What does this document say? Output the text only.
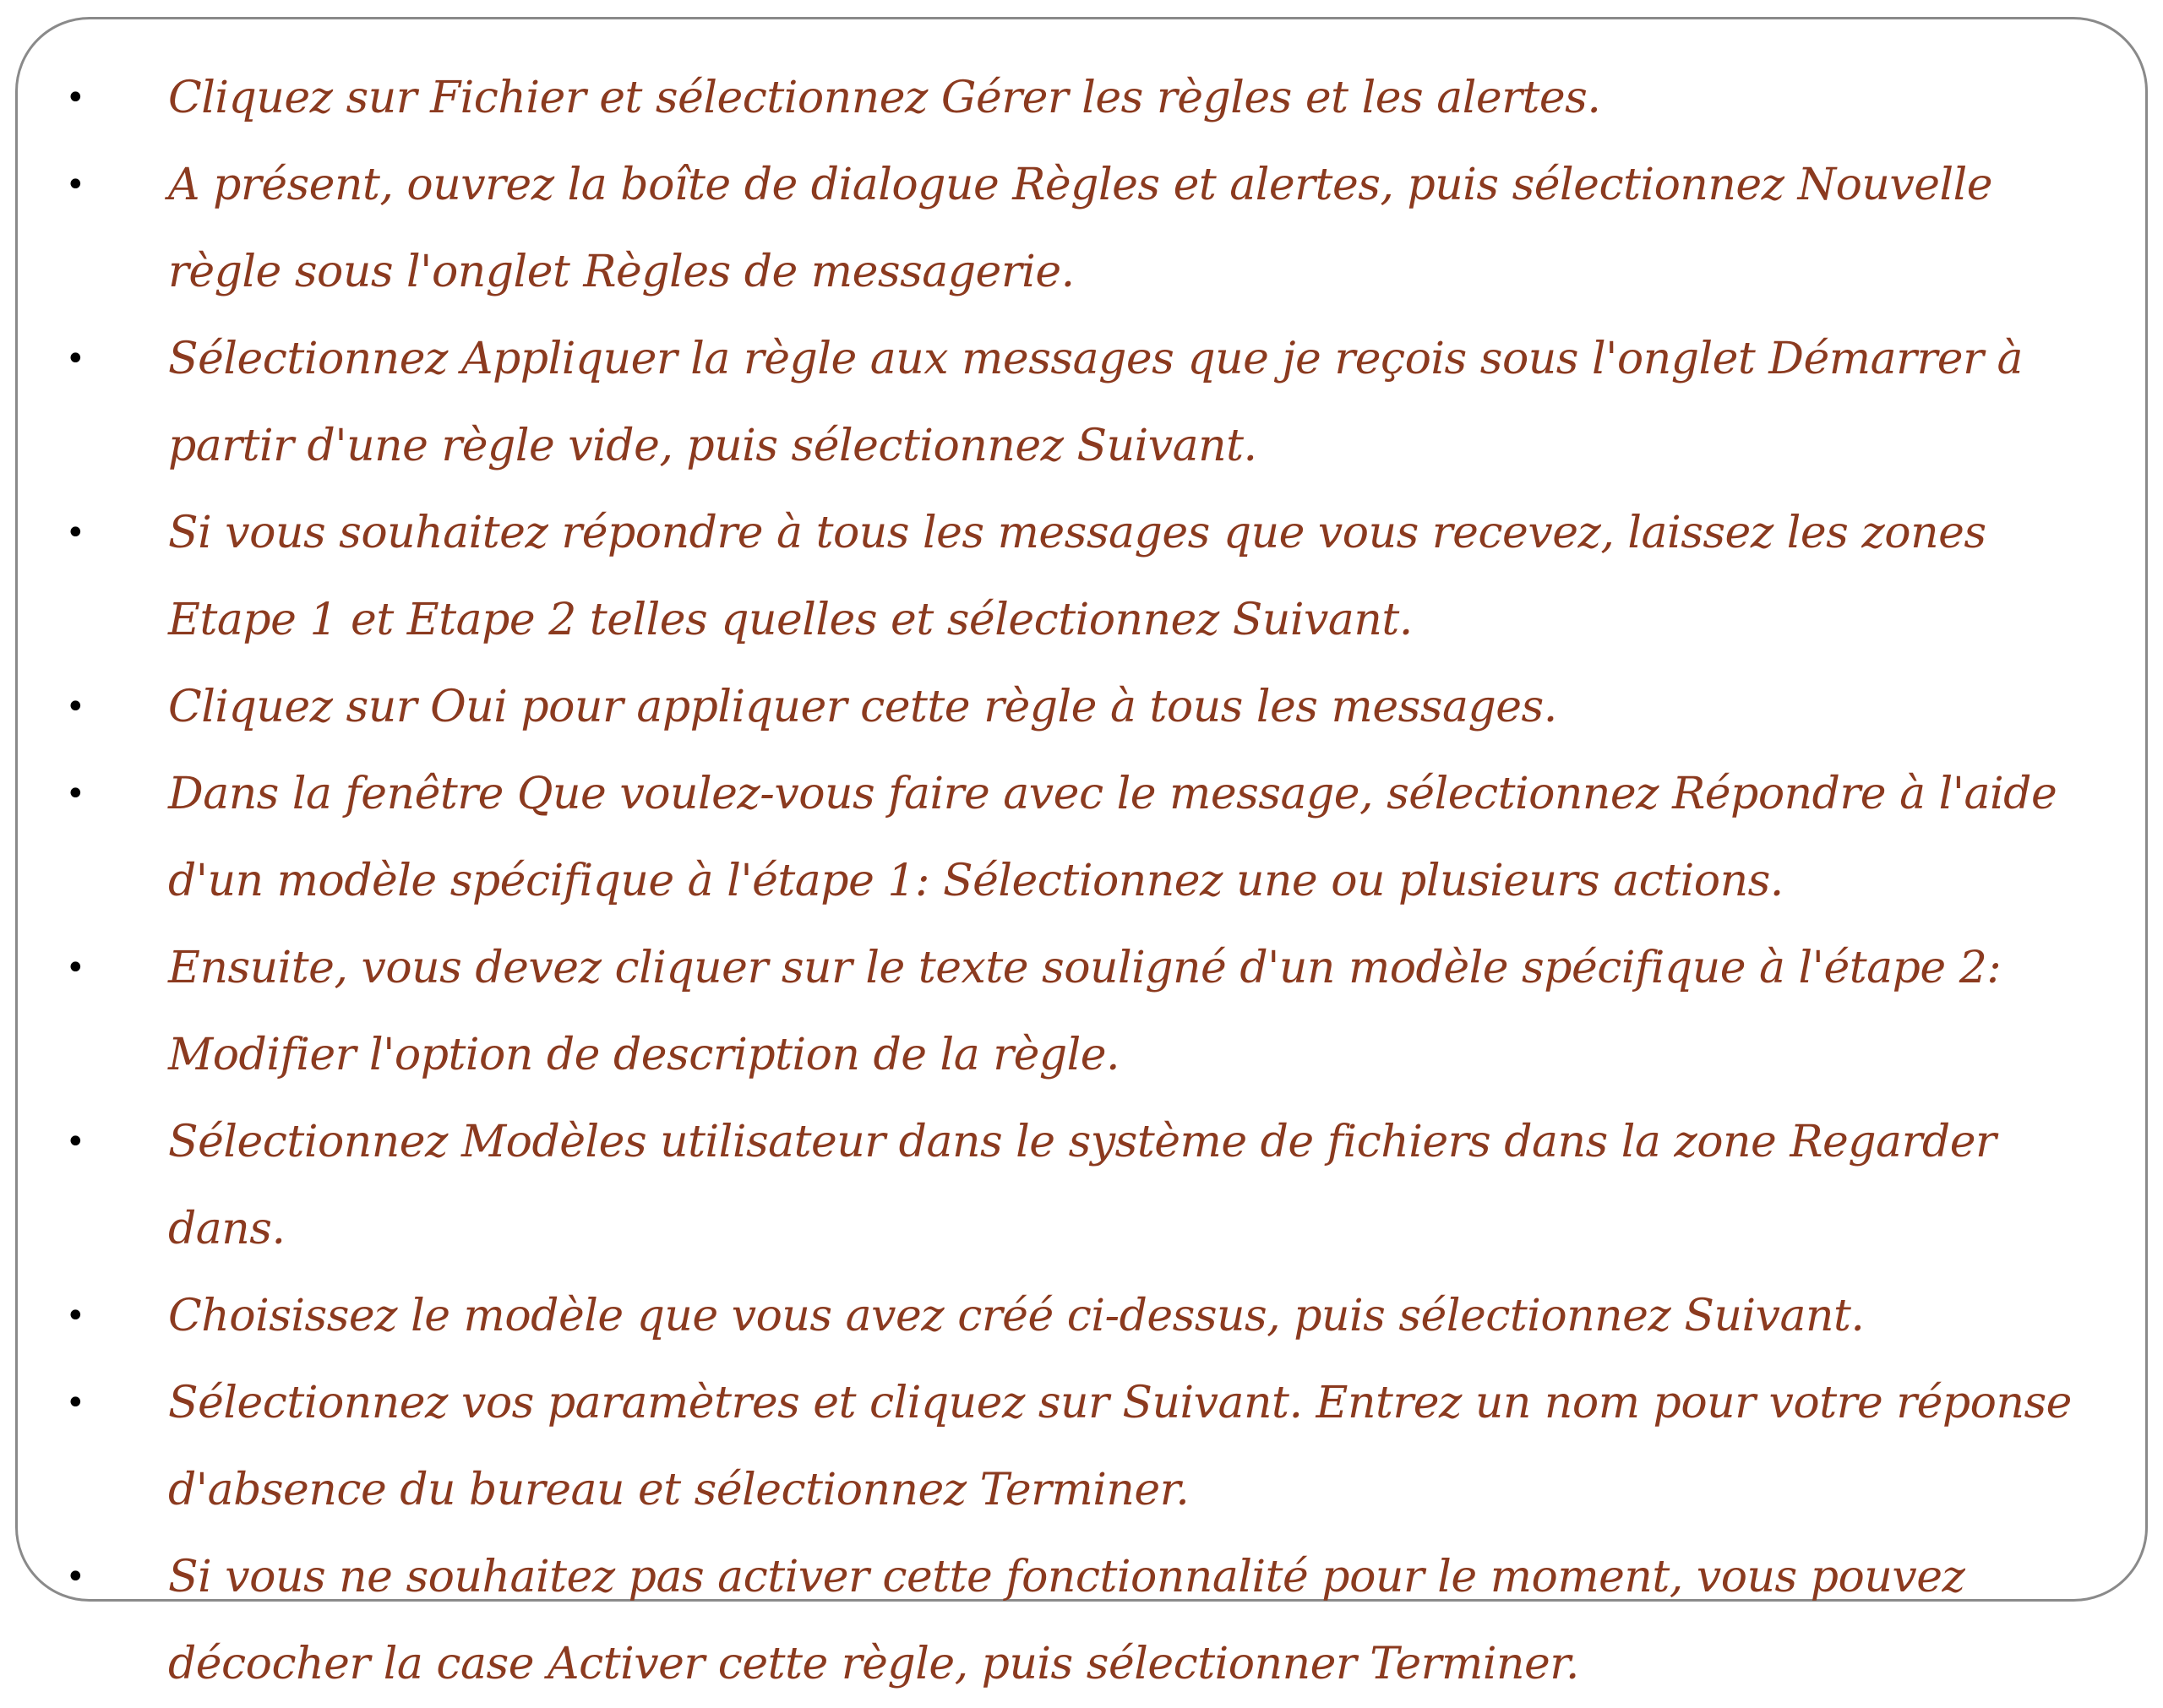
• Cliquez sur Fichier et sélectionnez Gérer les règles et les alertes.
• A présent, ouvrez la boîte de dialogue Règles et alertes, puis sélectionnez Nouvelle règle sous l'onglet Règles de messagerie.
• Sélectionnez Appliquer la règle aux messages que je reçois sous l'onglet Démarrer à partir d'une règle vide, puis sélectionnez Suivant.
• Si vous souhaitez répondre à tous les messages que vous recevez, laissez les zones Etape 1 et Etape 2 telles quelles et sélectionnez Suivant.
• Cliquez sur Oui pour appliquer cette règle à tous les messages.
• Dans la fenêtre Que voulez-vous faire avec le message, sélectionnez Répondre à l'aide d'un modèle spécifique à l'étape 1: Sélectionnez une ou plusieurs actions.
• Ensuite, vous devez cliquer sur le texte souligné d'un modèle spécifique à l'étape 2: Modifier l'option de description de la règle.
• Sélectionnez Modèles utilisateur dans le système de fichiers dans la zone Regarder dans.
• Choisissez le modèle que vous avez créé ci-dessus, puis sélectionnez Suivant.
• Sélectionnez vos paramètres et cliquez sur Suivant. Entrez un nom pour votre réponse d'absence du bureau et sélectionnez Terminer.
• Si vous ne souhaitez pas activer cette fonctionnalité pour le moment, vous pouvez décocher la case Activer cette règle, puis sélectionner Terminer.
